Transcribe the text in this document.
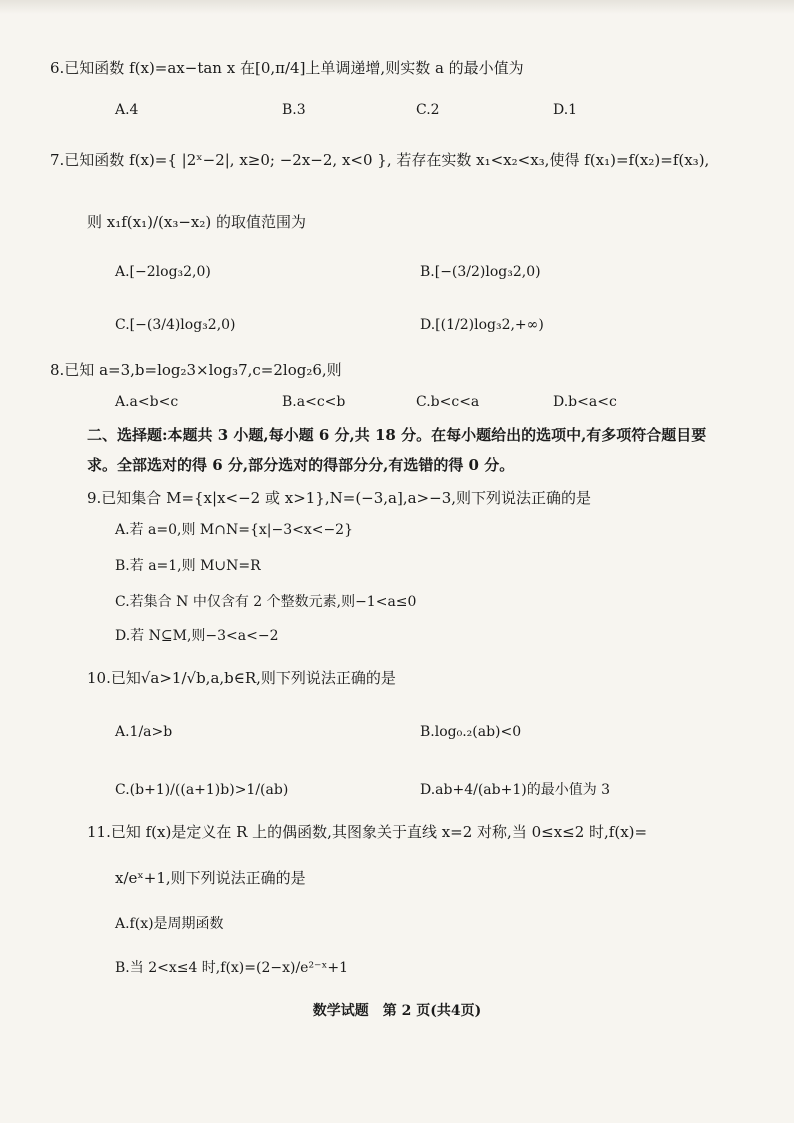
6.已知函数 f(x)=ax−tan x 在[0,π/4]上单调递增,则实数 a 的最小值为
A.4	B.3	C.2	D.1
7.已知函数 f(x)={ |2ˣ−2|, x≥0; −2x−2, x<0 }, 若存在实数 x₁<x₂<x₃,使得 f(x₁)=f(x₂)=f(x₃),
则 x₁f(x₁)/(x₃−x₂) 的取值范围为
A.[−2log₃2,0)	B.[−(3/2)log₃2,0)
C.[−(3/4)log₃2,0)	D.[(1/2)log₃2,+∞)
8.已知 a=3,b=log₂3×log₃7,c=2log₂6,则
A.a<b<c	B.a<c<b	C.b<c<a	D.b<a<c
二、选择题:本题共 3 小题,每小题 6 分,共 18 分。在每小题给出的选项中,有多项符合题目要
求。全部选对的得 6 分,部分选对的得部分分,有选错的得 0 分。
9.已知集合 M={x|x<−2 或 x>1},N=(−3,a],a>−3,则下列说法正确的是
A.若 a=0,则 M∩N={x|−3<x<−2}
B.若 a=1,则 M∪N=R
C.若集合 N 中仅含有 2 个整数元素,则−1<a≤0
D.若 N⊆M,则−3<a<−2
10.已知√a>1/√b,a,b∈R,则下列说法正确的是
A.1/a>b	B.log₀.₂(ab)<0
C.(b+1)/((a+1)b)>1/(ab)	D.ab+4/(ab+1)的最小值为 3
11.已知 f(x)是定义在 R 上的偶函数,其图象关于直线 x=2 对称,当 0≤x≤2 时,f(x)=
x/eˣ+1,则下列说法正确的是
A.f(x)是周期函数
B.当 2<x≤4 时,f(x)=(2−x)/e²⁻ˣ+1
数学试题　第 2 页(共4页)
